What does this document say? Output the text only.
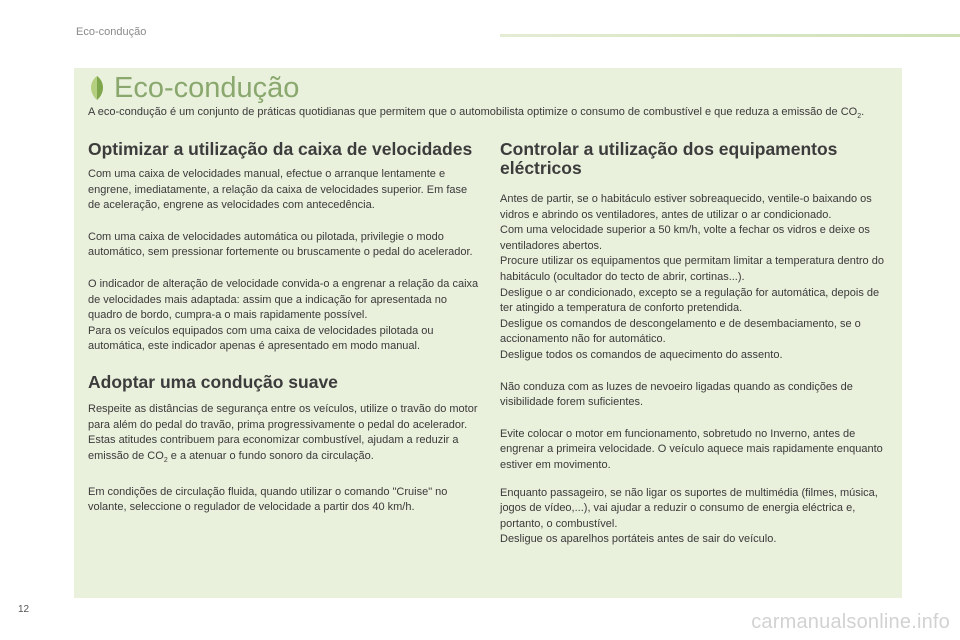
Eco-condução
Eco-condução

A eco-condução é um conjunto de práticas quotidianas que permitem que o automobilista optimize o consumo de combustível e que reduza a emissão de $CO_2$.

Optimizar a utilização da caixa de velocidades

Com uma caixa de velocidades manual, efectue o arranque lentamente e engrene, imediatamente, a relação da caixa de velocidades superior. Em fase de aceleração, engrene as velocidades com antecedência.

Com uma caixa de velocidades automática ou pilotada, privilegie o modo automático, sem pressionar fortemente ou bruscamente o pedal do acelerador.

O indicador de alteração de velocidade convida-o a engrenar a relação da caixa de velocidades mais adaptada: assim que a indicação for apresentada no quadro de bordo, cumpra-a o mais rapidamente possível.

Para os veículos equipados com uma caixa de velocidades pilotada ou automática, este indicador apenas é apresentado em modo manual.

Adoptar uma condução suave

Respeite as distâncias de segurança entre os veículos, utilize o travão do motor para além do pedal do travão, prima progressivamente o pedal do acelerador. Estas atitudes contribuem para economizar combustível, ajudam a reduzir a emissão de $CO_2$ e a atenuar o fundo sonoro da circulação.

Em condições de circulação fluida, quando utilizar o comando "Cruise" no volante, seleccione o regulador de velocidade a partir dos 40 km/h.

Controlar a utilização dos equipamentos eléctricos

Antes de partir, se o habitáculo estiver sobreaquecido, ventile-o baixando os vidros e abrindo os ventiladores, antes de utilizar o ar condicionado.

Com uma velocidade superior a 50 km/h, volte a fechar os vidros e deixe os ventiladores abertos.

Procure utilizar os equipamentos que permitam limitar a temperatura dentro do habitáculo (ocultador do tecto de abrir, cortinas...).

Desligue o ar condicionado, excepto se a regulação for automática, depois de ter atingido a temperatura de conforto pretendida.

Desligue os comandos de descongelamento e de desembaciamento, se o accionamento não for automático.

Desligue todos os comandos de aquecimento do assento.

Não conduza com as luzes de nevoeiro ligadas quando as condições de visibilidade forem suficientes.

Evite colocar o motor em funcionamento, sobretudo no Inverno, antes de engrenar a primeira velocidade. O veículo aquece mais rapidamente enquanto estiver em movimento.

Enquanto passageiro, se não ligar os suportes de multimédia (filmes, música, jogos de vídeo,...), vai ajudar a reduzir o consumo de energia eléctrica e, portanto, o combustível.

Desligue os aparelhos portáteis antes de sair do veículo.

12
carmanualsonline.info
